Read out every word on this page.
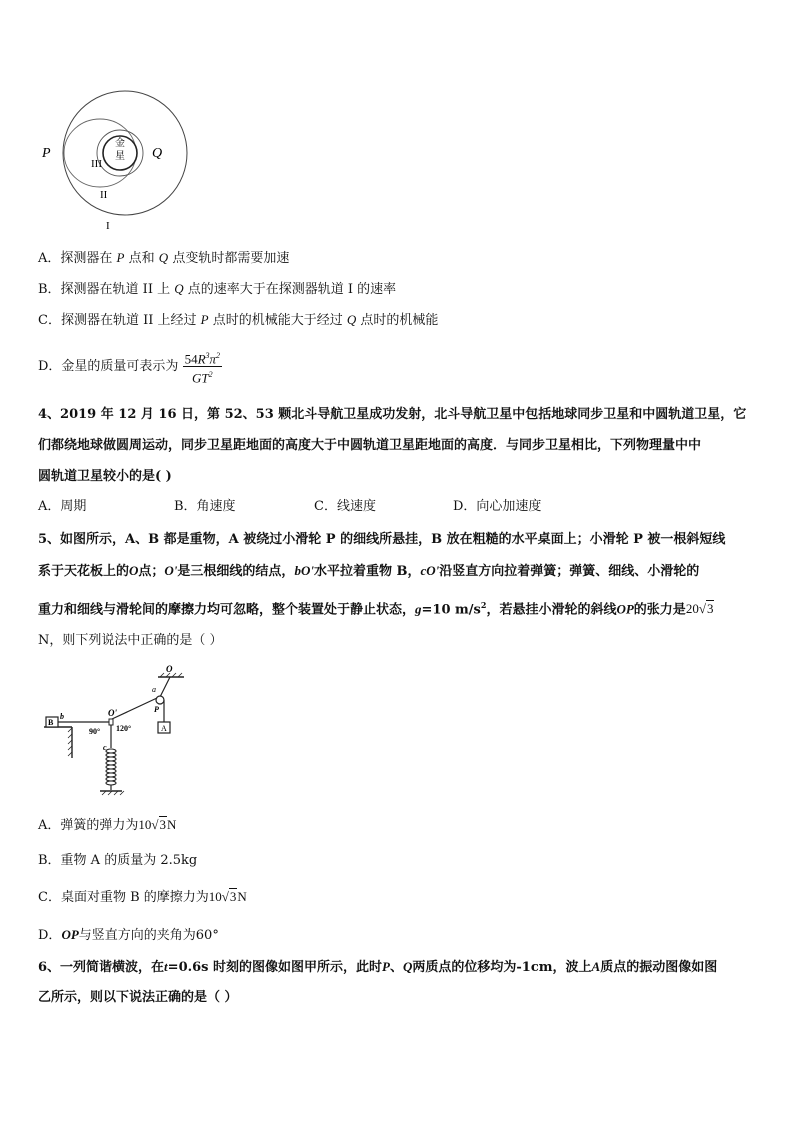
金
星
P	Q
III
II
I
A．探测器在 P 点和 Q 点变轨时都需要加速
B．探测器在轨道 II 上 Q 点的速率大于在探测器轨道 I 的速率
C．探测器在轨道 II 上经过 P 点时的机械能大于经过 Q 点时的机械能
D．金星的质量可表示为 $\frac{54R^3\pi^2}{GT^2}$
4、2019 年 12 月 16 日，第 52、53 颗北斗导航卫星成功发射，北斗导航卫星中包括地球同步卫星和中圆轨道卫星，它
们都绕地球做圆周运动，同步卫星距地面的高度大于中圆轨道卫星距地面的高度．与同步卫星相比，下列物理量中中
圆轨道卫星较小的是( )
A．周期	B．角速度	C．线速度	D．向心加速度
5、如图所示，A、B 都是重物，A 被绕过小滑轮 P 的细线所悬挂，B 放在粗糙的水平桌面上；小滑轮 P 被一根斜短线
系于天花板上的O点；O'是三根细线的结点，bO'水平拉着重物 B，cO'沿竖直方向拉着弹簧；弹簧、细线、小滑轮的
重力和细线与滑轮间的摩擦力均可忽略，整个装置处于静止状态，g=10 $m/s^2$，若悬挂小滑轮的斜线OP的张力是20√3
N，则下列说法中正确的是（ ）
O
a
P
A
B
b	O'
90° 120°
c
A．弹簧的弹力为10√3N
B．重物 A 的质量为 2.5kg
C．桌面对重物 B 的摩擦力为10√3N
D．OP与竖直方向的夹角为60°
6、一列简谐横波，在t=0.6s 时刻的图像如图甲所示，此时P、Q两质点的位移均为-1cm，波上A质点的振动图像如图
乙所示，则以下说法正确的是（ ）
